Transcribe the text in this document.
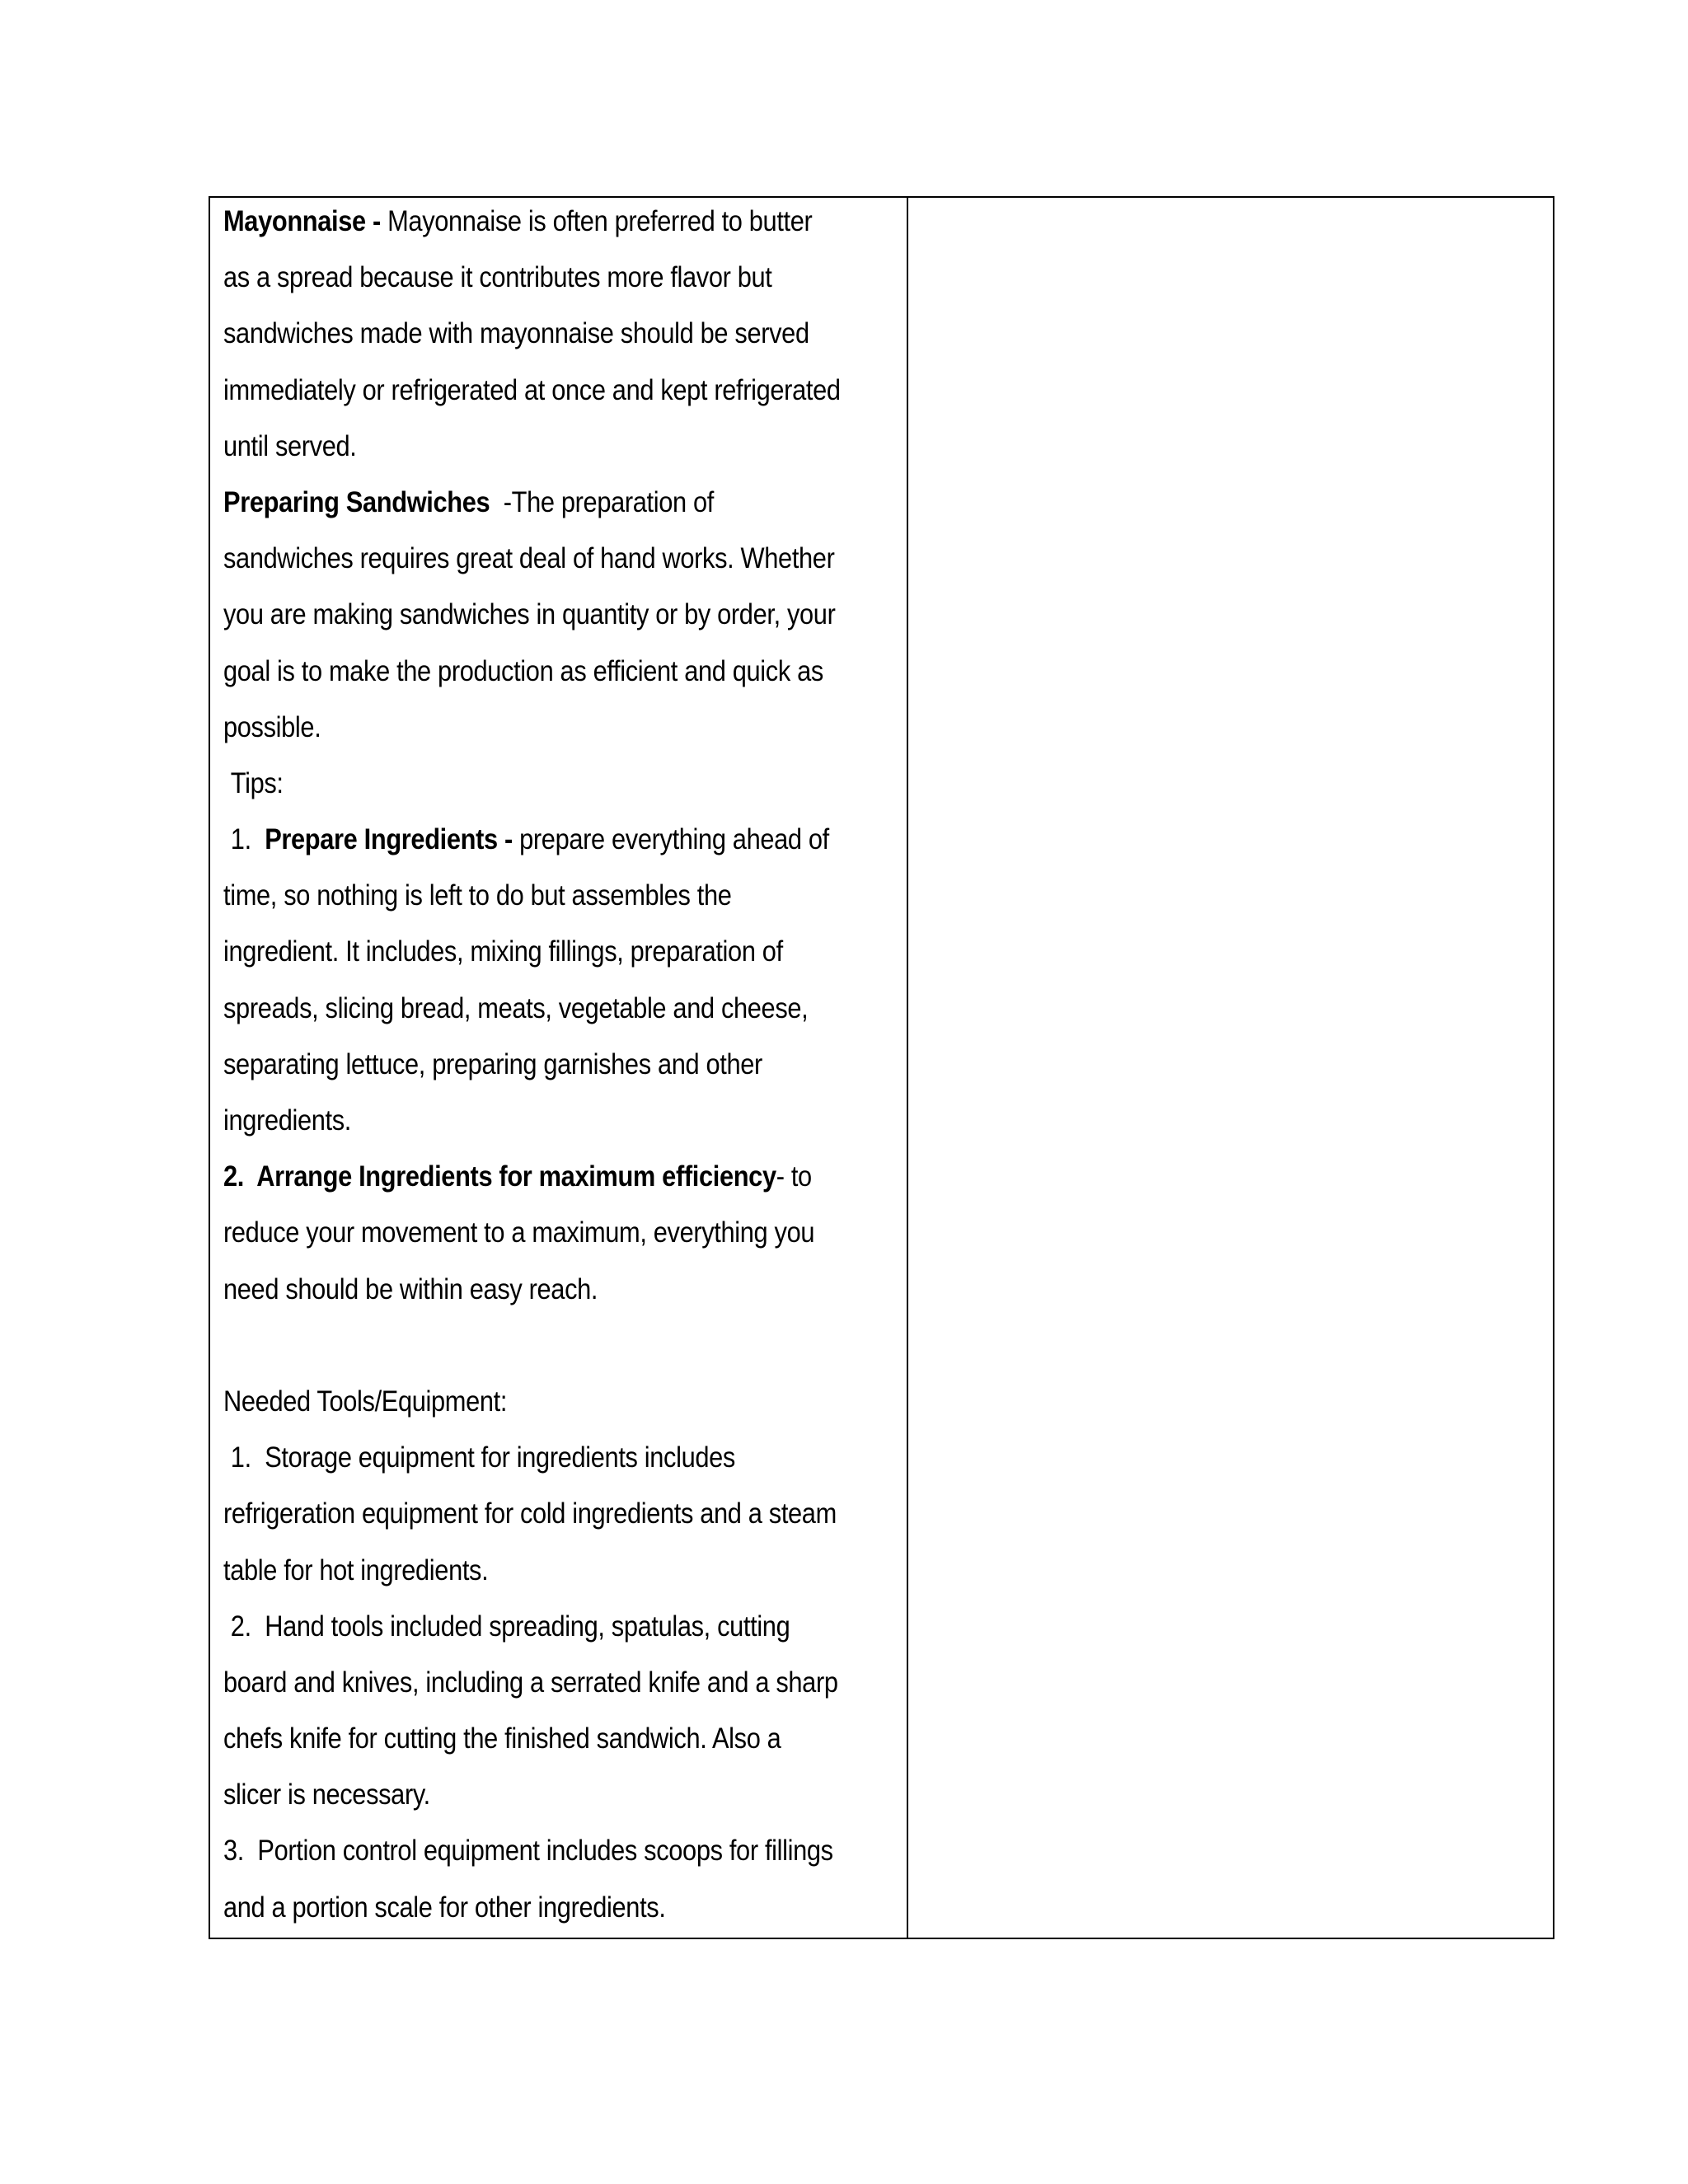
Mayonnaise - Mayonnaise is often preferred to butter
as a spread because it contributes more flavor but
sandwiches made with mayonnaise should be served
immediately or refrigerated at once and kept refrigerated
until served.
Preparing Sandwiches  -The preparation of
sandwiches requires great deal of hand works. Whether
you are making sandwiches in quantity or by order, your
goal is to make the production as efficient and quick as
possible.
Tips:
1.  Prepare Ingredients - prepare everything ahead of
time, so nothing is left to do but assembles the
ingredient. It includes, mixing fillings, preparation of
spreads, slicing bread, meats, vegetable and cheese,
separating lettuce, preparing garnishes and other
ingredients.
2.  Arrange Ingredients for maximum efficiency- to
reduce your movement to a maximum, everything you
need should be within easy reach.
Needed Tools/Equipment:
1.  Storage equipment for ingredients includes
refrigeration equipment for cold ingredients and a steam
table for hot ingredients.
2.  Hand tools included spreading, spatulas, cutting
board and knives, including a serrated knife and a sharp
chefs knife for cutting the finished sandwich. Also a
slicer is necessary.
3.  Portion control equipment includes scoops for fillings
and a portion scale for other ingredients.
